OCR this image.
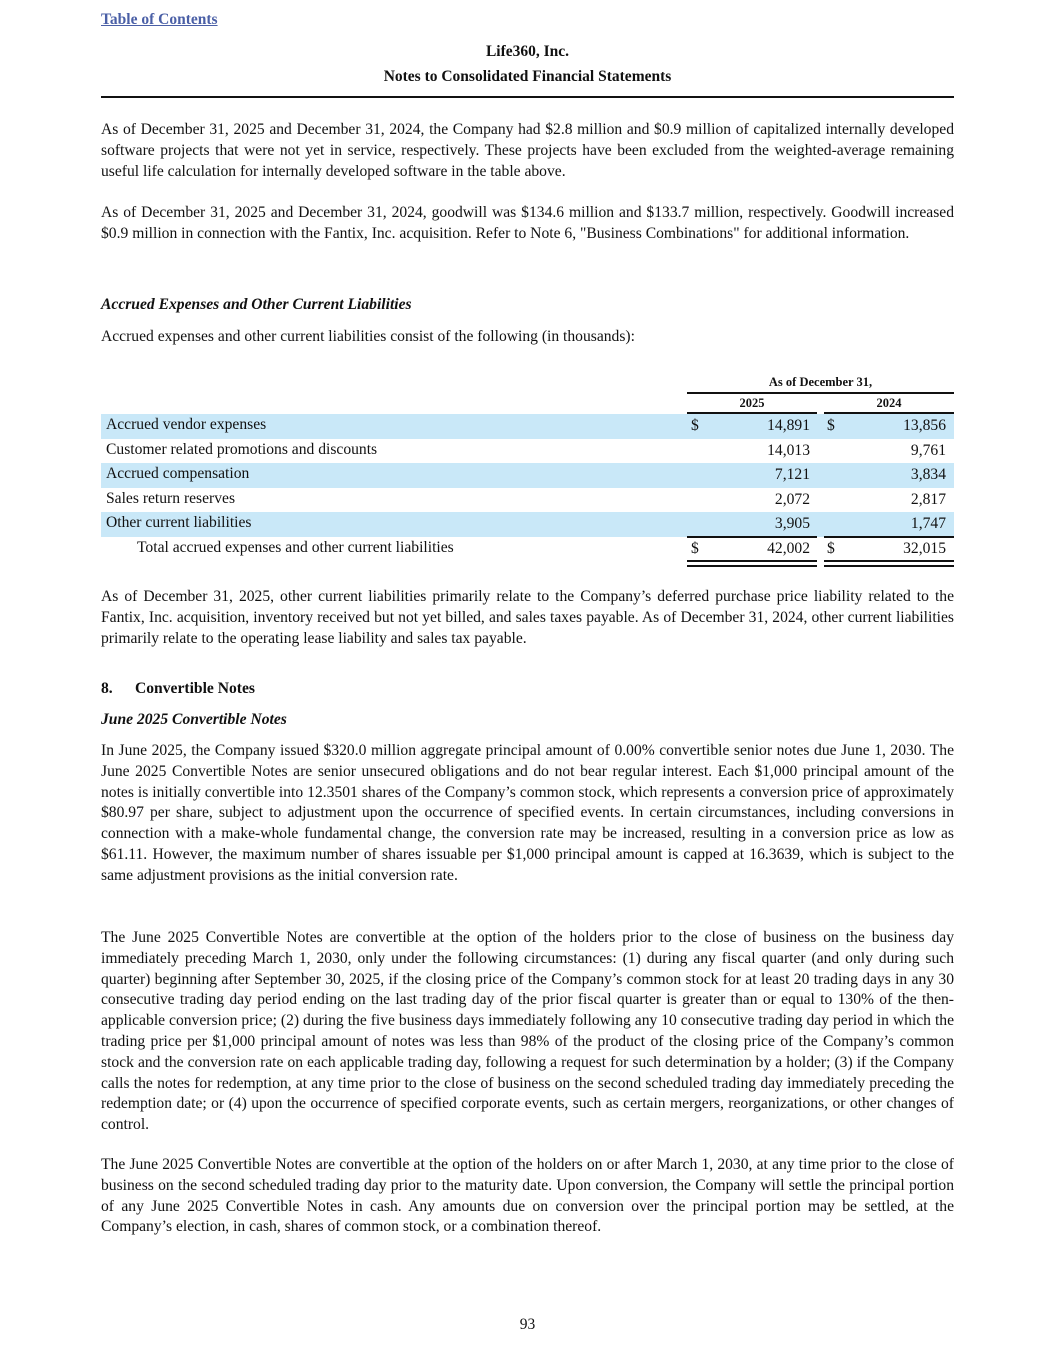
Table of Contents
Life360, Inc.
Notes to Consolidated Financial Statements

As of December 31, 2025 and December 31, 2024, the Company had $2.8 million and $0.9 million of capitalized internally developed software projects that were not yet in service, respectively. These projects have been excluded from the weighted-average remaining useful life calculation for internally developed software in the table above.

As of December 31, 2025 and December 31, 2024, goodwill was $134.6 million and $133.7 million, respectively. Goodwill increased $0.9 million in connection with the Fantix, Inc. acquisition. Refer to Note 6, "Business Combinations" for additional information.

Accrued Expenses and Other Current Liabilities

Accrued expenses and other current liabilities consist of the following (in thousands):

As of December 31,
2025	2024
Accrued vendor expenses	$	14,891 $	13,856
Customer related promotions and discounts	14,013	9,761
Accrued compensation	7,121	3,834
Sales return reserves	2,072	2,817
Other current liabilities	3,905	1,747
Total accrued expenses and other current liabilities	$	42,002 $	32,015

As of December 31, 2025, other current liabilities primarily relate to the Company’s deferred purchase price liability related to the Fantix, Inc. acquisition, inventory received but not yet billed, and sales taxes payable. As of December 31, 2024, other current liabilities primarily relate to the operating lease liability and sales tax payable.

8. Convertible Notes
June 2025 Convertible Notes

In June 2025, the Company issued $320.0 million aggregate principal amount of 0.00% convertible senior notes due June 1, 2030. The June 2025 Convertible Notes are senior unsecured obligations and do not bear regular interest. Each $1,000 principal amount of the notes is initially convertible into 12.3501 shares of the Company’s common stock, which represents a conversion price of approximately $80.97 per share, subject to adjustment upon the occurrence of specified events. In certain circumstances, including conversions in connection with a make-whole fundamental change, the conversion rate may be increased, resulting in a conversion price as low as $61.11. However, the maximum number of shares issuable per $1,000 principal amount is capped at 16.3639, which is subject to the same adjustment provisions as the initial conversion rate.

The June 2025 Convertible Notes are convertible at the option of the holders prior to the close of business on the business day immediately preceding March 1, 2030, only under the following circumstances: (1) during any fiscal quarter (and only during such quarter) beginning after September 30, 2025, if the closing price of the Company’s common stock for at least 20 trading days in any 30 consecutive trading day period ending on the last trading day of the prior fiscal quarter is greater than or equal to 130% of the then-applicable conversion price; (2) during the five business days immediately following any 10 consecutive trading day period in which the trading price per $1,000 principal amount of notes was less than 98% of the product of the closing price of the Company’s common stock and the conversion rate on each applicable trading day, following a request for such determination by a holder; (3) if the Company calls the notes for redemption, at any time prior to the close of business on the second scheduled trading day immediately preceding the redemption date; or (4) upon the occurrence of specified corporate events, such as certain mergers, reorganizations, or other changes of control.

The June 2025 Convertible Notes are convertible at the option of the holders on or after March 1, 2030, at any time prior to the close of business on the second scheduled trading day prior to the maturity date. Upon conversion, the Company will settle the principal portion of any June 2025 Convertible Notes in cash. Any amounts due on conversion over the principal portion may be settled, at the Company’s election, in cash, shares of common stock, or a combination thereof.

93
